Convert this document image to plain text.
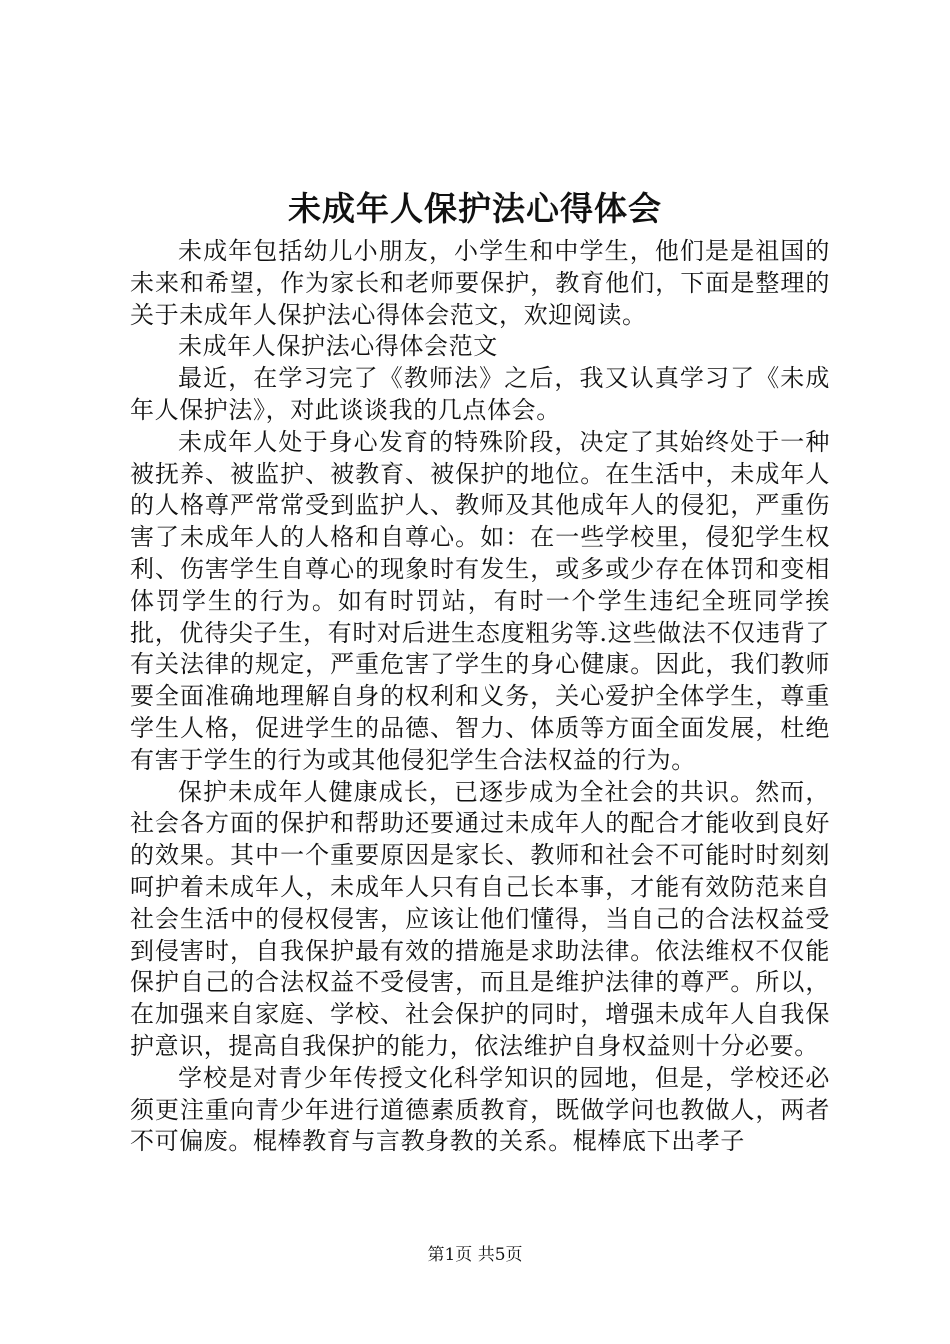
未成年人保护法心得体会

未成年包括幼儿小朋友，小学生和中学生，他们是是祖国的未来和希望，作为家长和老师要保护，教育他们，下面是整理的关于未成年人保护法心得体会范文，欢迎阅读。

未成年人保护法心得体会范文

最近，在学习完了《教师法》之后，我又认真学习了《未成年人保护法》，对此谈谈我的几点体会。

未成年人处于身心发育的特殊阶段，决定了其始终处于一种被抚养、被监护、被教育、被保护的地位。在生活中，未成年人的人格尊严常常受到监护人、教师及其他成年人的侵犯，严重伤害了未成年人的人格和自尊心。如：在一些学校里，侵犯学生权利、伤害学生自尊心的现象时有发生，或多或少存在体罚和变相体罚学生的行为。如有时罚站，有时一个学生违纪全班同学挨批，优待尖子生，有时对后进生态度粗劣等.这些做法不仅违背了有关法律的规定，严重危害了学生的身心健康。因此，我们教师要全面准确地理解自身的权利和义务，关心爱护全体学生，尊重学生人格，促进学生的品德、智力、体质等方面全面发展，杜绝有害于学生的行为或其他侵犯学生合法权益的行为。

保护未成年人健康成长，已逐步成为全社会的共识。然而，社会各方面的保护和帮助还要通过未成年人的配合才能收到良好的效果。其中一个重要原因是家长、教师和社会不可能时时刻刻呵护着未成年人，未成年人只有自己长本事，才能有效防范来自社会生活中的侵权侵害，应该让他们懂得，当自己的合法权益受到侵害时，自我保护最有效的措施是求助法律。依法维权不仅能保护自己的合法权益不受侵害，而且是维护法律的尊严。所以，在加强来自家庭、学校、社会保护的同时，增强未成年人自我保护意识，提高自我保护的能力，依法维护自身权益则十分必要。

学校是对青少年传授文化科学知识的园地，但是，学校还必须更注重向青少年进行道德素质教育，既做学问也教做人，两者不可偏废。棍棒教育与言教身教的关系。棍棒底下出孝子

第1页 共5页
